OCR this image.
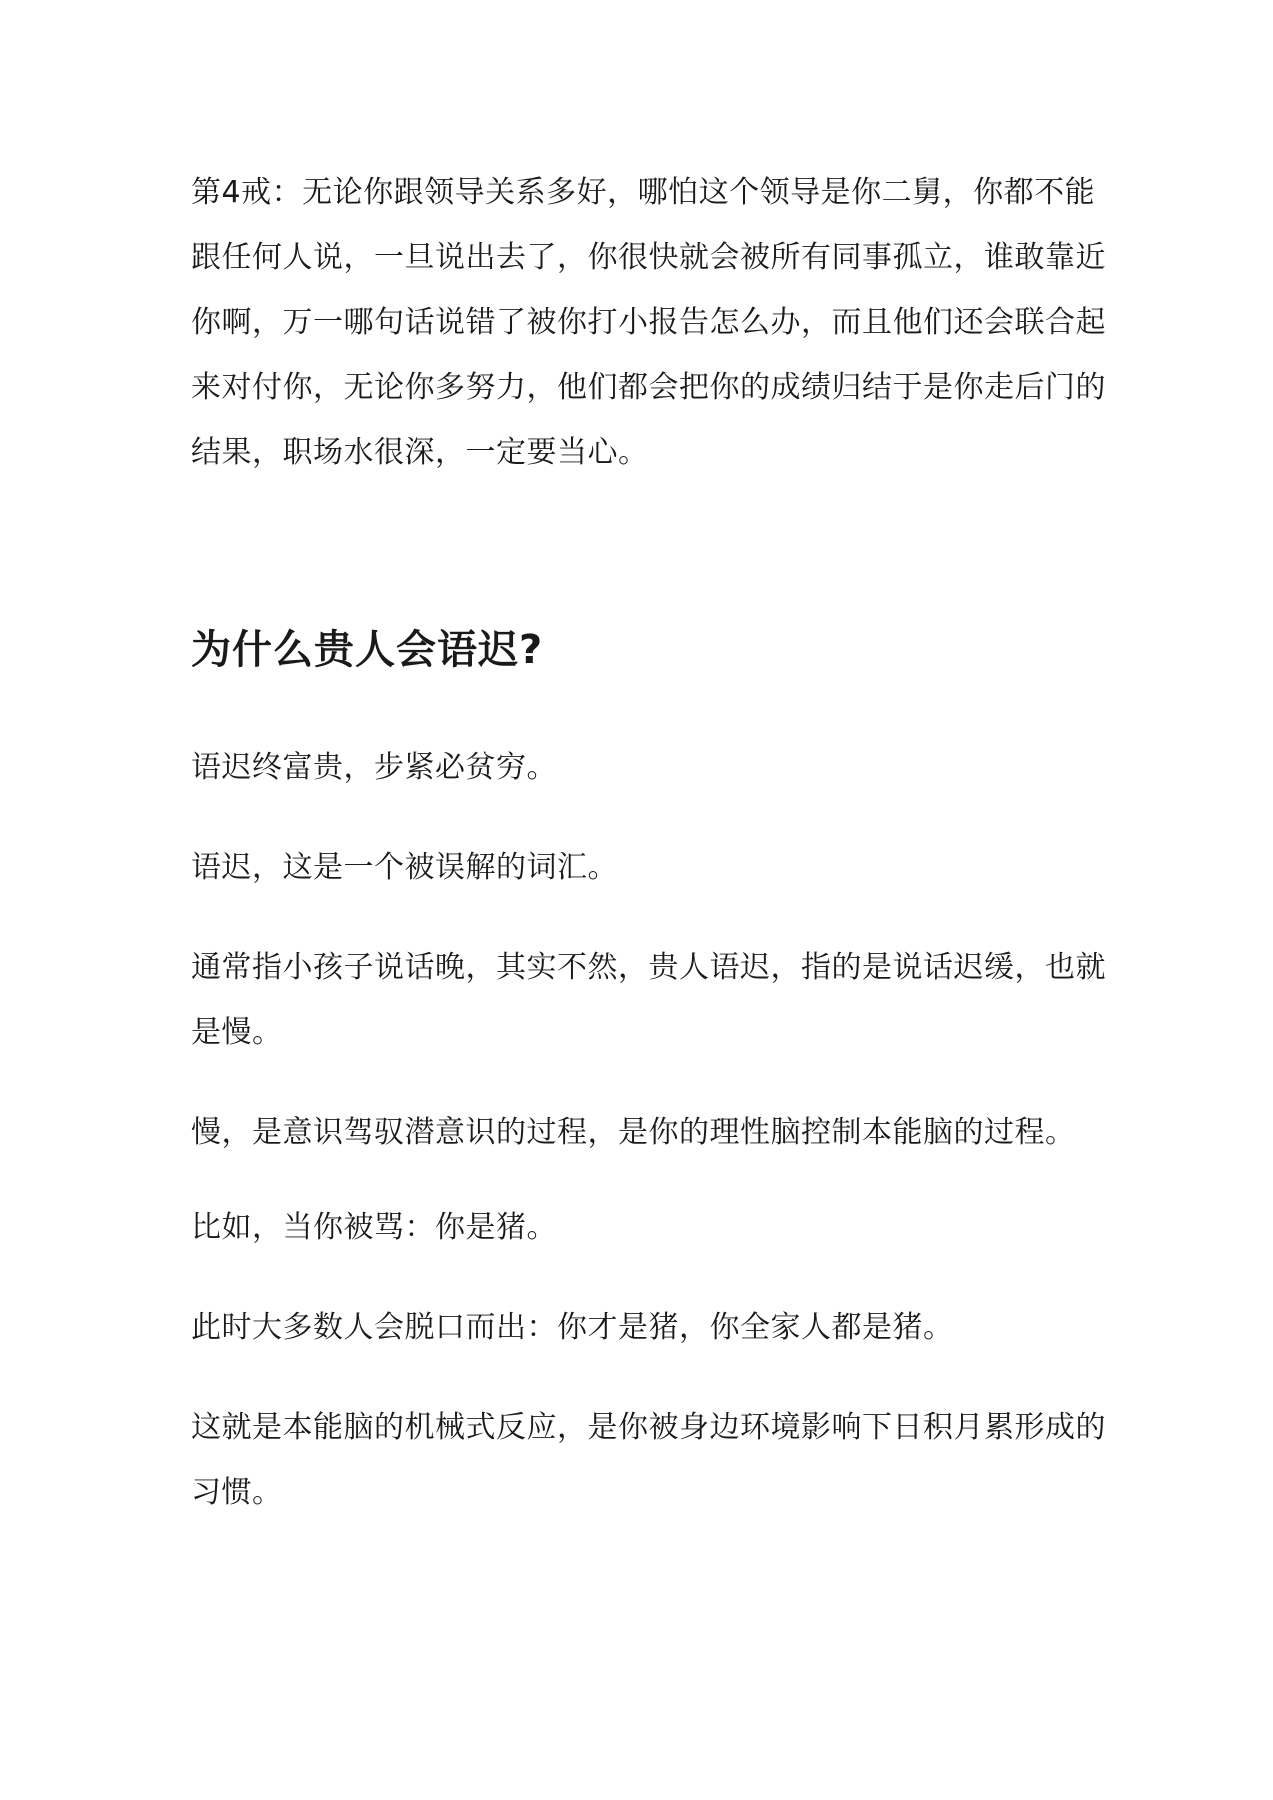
第4戒：无论你跟领导关系多好，哪怕这个领导是你二舅，你都不能
跟任何人说，一旦说出去了，你很快就会被所有同事孤立，谁敢靠近
你啊，万一哪句话说错了被你打小报告怎么办，而且他们还会联合起
来对付你，无论你多努力，他们都会把你的成绩归结于是你走后门的
结果，职场水很深，一定要当心。

为什么贵人会语迟?

语迟终富贵，步紧必贫穷。

语迟，这是一个被误解的词汇。

通常指小孩子说话晚，其实不然，贵人语迟，指的是说话迟缓，也就
是慢。

慢，是意识驾驭潜意识的过程，是你的理性脑控制本能脑的过程。

比如，当你被骂：你是猪。

此时大多数人会脱口而出：你才是猪，你全家人都是猪。

这就是本能脑的机械式反应，是你被身边环境影响下日积月累形成的
习惯。
